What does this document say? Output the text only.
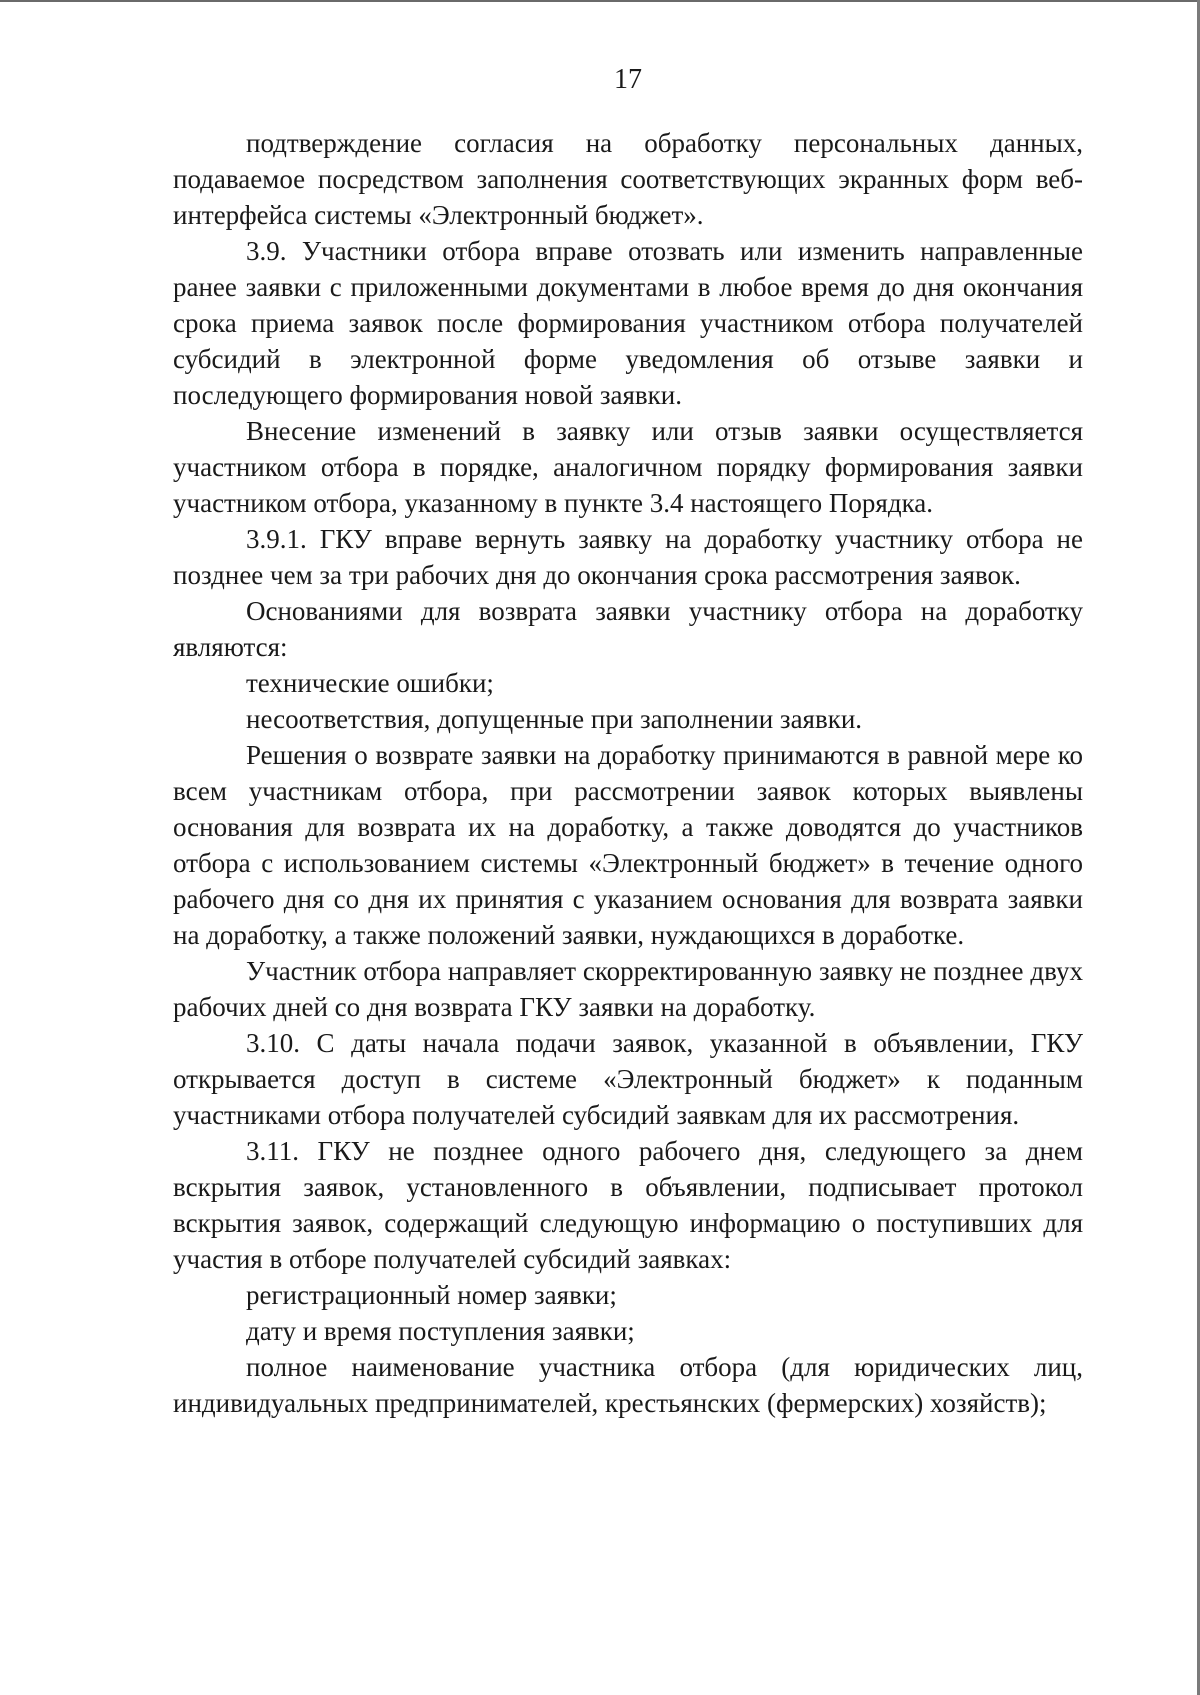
17

подтверждение согласия на обработку персональных данных, подаваемое посредством заполнения соответствующих экранных форм веб-интерфейса системы «Электронный бюджет».

3.9. Участники отбора вправе отозвать или изменить направленные ранее заявки с приложенными документами в любое время до дня окончания срока приема заявок после формирования участником отбора получателей субсидий в электронной форме уведомления об отзыве заявки и последующего формирования новой заявки.

Внесение изменений в заявку или отзыв заявки осуществляется участником отбора в порядке, аналогичном порядку формирования заявки участником отбора, указанному в пункте 3.4 настоящего Порядка.

3.9.1. ГКУ вправе вернуть заявку на доработку участнику отбора не позднее чем за три рабочих дня до окончания срока рассмотрения заявок.

Основаниями для возврата заявки участнику отбора на доработку являются:

технические ошибки;

несоответствия, допущенные при заполнении заявки.

Решения о возврате заявки на доработку принимаются в равной мере ко всем участникам отбора, при рассмотрении заявок которых выявлены основания для возврата их на доработку, а также доводятся до участников отбора с использованием системы «Электронный бюджет» в течение одного рабочего дня со дня их принятия с указанием основания для возврата заявки на доработку, а также положений заявки, нуждающихся в доработке.

Участник отбора направляет скорректированную заявку не позднее двух рабочих дней со дня возврата ГКУ заявки на доработку.

3.10. С даты начала подачи заявок, указанной в объявлении, ГКУ открывается доступ в системе «Электронный бюджет» к поданным участниками отбора получателей субсидий заявкам для их рассмотрения.

3.11. ГКУ не позднее одного рабочего дня, следующего за днем вскрытия заявок, установленного в объявлении, подписывает протокол вскрытия заявок, содержащий следующую информацию о поступивших для участия в отборе получателей субсидий заявках:

регистрационный номер заявки;

дату и время поступления заявки;

полное наименование участника отбора (для юридических лиц, индивидуальных предпринимателей, крестьянских (фермерских) хозяйств);
